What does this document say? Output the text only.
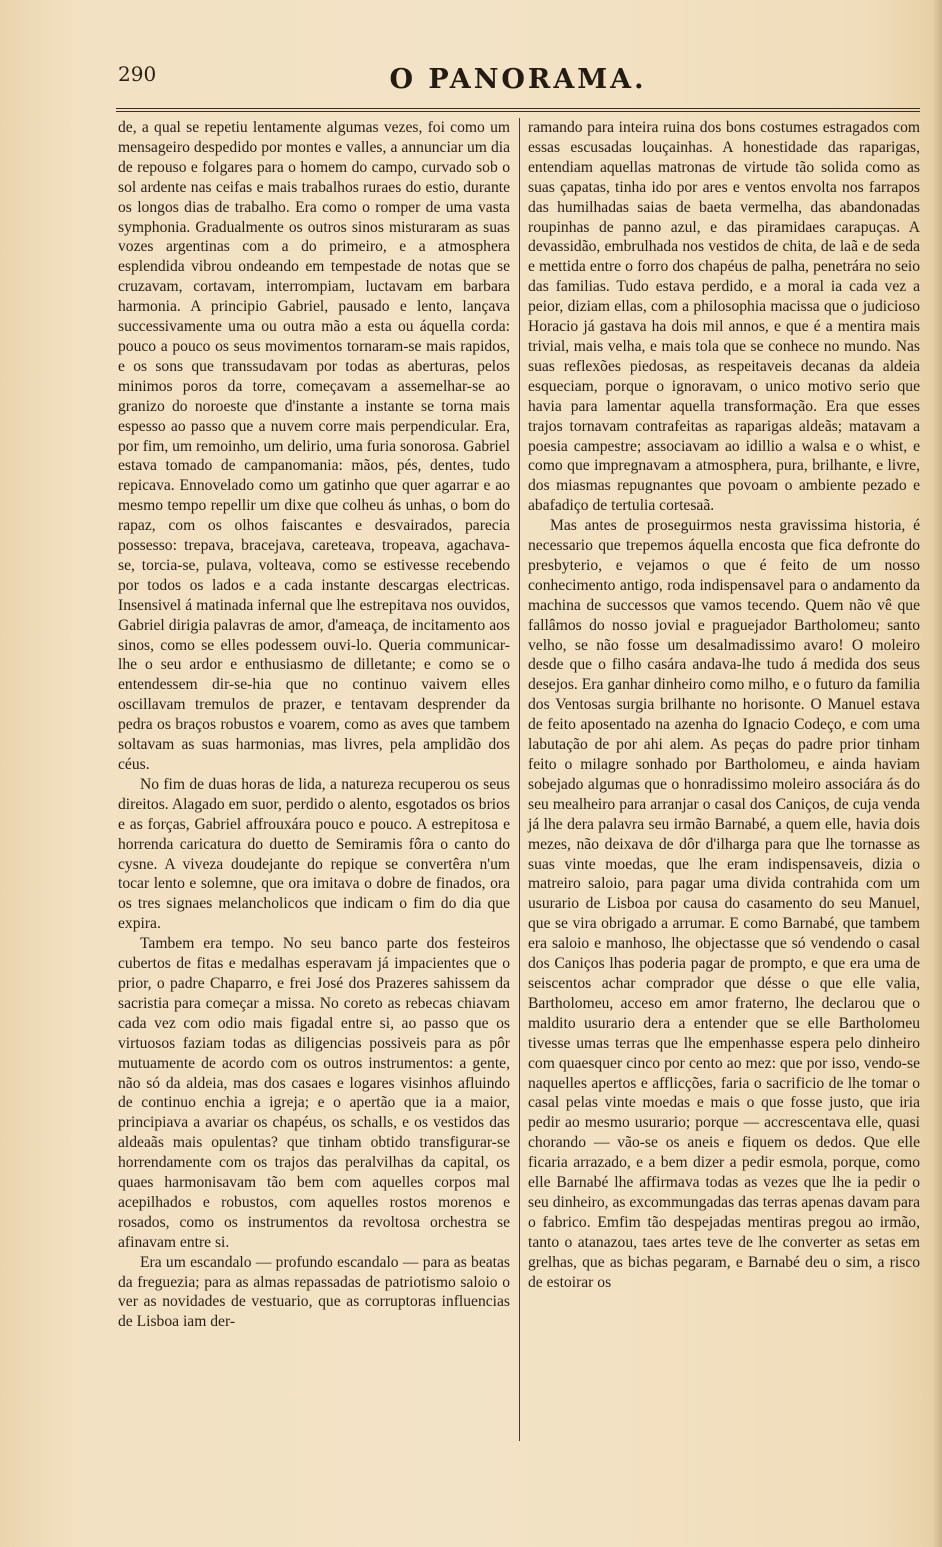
290	O PANORAMA.

de, a qual se repetiu lentamente algumas vezes, foi como um mensageiro despedido por montes e valles, a annunciar um dia de repouso e folgares para o homem do campo, curvado sob o sol ardente nas ceifas e mais trabalhos ruraes do estio, durante os longos dias de trabalho. Era como o romper de uma vasta symphonia. Gradualmente os outros sinos misturaram as suas vozes argentinas com a do primeiro, e a atmosphera esplendida vibrou ondeando em tempestade de notas que se cruzavam, cortavam, interrompiam, luctavam em barbara harmonia. A principio Gabriel, pausado e lento, lançava successivamente uma ou outra mão a esta ou áquella corda: pouco a pouco os seus movimentos tornaram-se mais rapidos, e os sons que transsudavam por todas as aberturas, pelos minimos poros da torre, começavam a assemelhar-se ao granizo do noroeste que d'instante a instante se torna mais espesso ao passo que a nuvem corre mais perpendicular. Era, por fim, um remoinho, um delirio, uma furia sonorosa. Gabriel estava tomado de campanomania: mãos, pés, dentes, tudo repicava. Ennovelado como um gatinho que quer agarrar e ao mesmo tempo repellir um dixe que colheu ás unhas, o bom do rapaz, com os olhos faiscantes e desvairados, parecia possesso: trepava, bracejava, careteava, tropeava, agachava-se, torcia-se, pulava, volteava, como se estivesse recebendo por todos os lados e a cada instante descargas electricas. Insensivel á matinada infernal que lhe estrepitava nos ouvidos, Gabriel dirigia palavras de amor, d'ameaça, de incitamento aos sinos, como se elles podessem ouvi-lo. Queria communicar-lhe o seu ardor e enthusiasmo de dilletante; e como se o entendessem dir-se-hia que no continuo vaivem elles oscillavam tremulos de prazer, e tentavam desprender da pedra os braços robustos e voarem, como as aves que tambem soltavam as suas harmonias, mas livres, pela amplidão dos céus.

No fim de duas horas de lida, a natureza recuperou os seus direitos. Alagado em suor, perdido o alento, esgotados os brios e as forças, Gabriel affrouxára pouco e pouco. A estrepitosa e horrenda caricatura do duetto de Semiramis fôra o canto do cysne. A viveza doudejante do repique se convertêra n'um tocar lento e solemne, que ora imitava o dobre de finados, ora os tres signaes melancholicos que indicam o fim do dia que expira.

Tambem era tempo. No seu banco parte dos festeiros cubertos de fitas e medalhas esperavam já impacientes que o prior, o padre Chaparro, e frei José dos Prazeres sahissem da sacristia para começar a missa. No coreto as rebecas chiavam cada vez com odio mais figadal entre si, ao passo que os virtuosos faziam todas as diligencias possiveis para as pôr mutuamente de acordo com os outros instrumentos: a gente, não só da aldeia, mas dos casaes e logares visinhos afluindo de continuo enchia a igreja; e o apertão que ia a maior, principiava a avariar os chapéus, os schalls, e os vestidos das aldeaãs mais opulentas? que tinham obtido transfigurar-se horrendamente com os trajos das peralvilhas da capital, os quaes harmonisavam tão bem com aquelles corpos mal acepilhados e robustos, com aquelles rostos morenos e rosados, como os instrumentos da revoltosa orchestra se afinavam entre si.

Era um escandalo — profundo escandalo — para as beatas da freguezia; para as almas repassadas de patriotismo saloio o ver as novidades de vestuario, que as corruptoras influencias de Lisboa iam der-

ramando para inteira ruina dos bons costumes estragados com essas escusadas louçainhas. A honestidade das raparigas, entendiam aquellas matronas de virtude tão solida como as suas çapatas, tinha ido por ares e ventos envolta nos farrapos das humilhadas saias de baeta vermelha, das abandonadas roupinhas de panno azul, e das piramidaes carapuças. A devassidão, embrulhada nos vestidos de chita, de laã e de seda e mettida entre o forro dos chapéus de palha, penetrára no seio das familias. Tudo estava perdido, e a moral ia cada vez a peior, diziam ellas, com a philosophia macissa que o judicioso Horacio já gastava ha dois mil annos, e que é a mentira mais trivial, mais velha, e mais tola que se conhece no mundo. Nas suas reflexões piedosas, as respeitaveis decanas da aldeia esqueciam, porque o ignoravam, o unico motivo serio que havia para lamentar aquella transformação. Era que esses trajos tornavam contrafeitas as raparigas aldeãs; matavam a poesia campestre; associavam ao idillio a walsa e o whist, e como que impregnavam a atmosphera, pura, brilhante, e livre, dos miasmas repugnantes que povoam o ambiente pezado e abafadiço de tertulia cortesaã.

Mas antes de proseguirmos nesta gravissima historia, é necessario que trepemos áquella encosta que fica defronte do presbyterio, e vejamos o que é feito de um nosso conhecimento antigo, roda indispensavel para o andamento da machina de successos que vamos tecendo. Quem não vê que fallâmos do nosso jovial e praguejador Bartholomeu; santo velho, se não fosse um desalmadissimo avaro! O moleiro desde que o filho casára andava-lhe tudo á medida dos seus desejos. Era ganhar dinheiro como milho, e o futuro da familia dos Ventosas surgia brilhante no horisonte. O Manuel estava de feito aposentado na azenha do Ignacio Codeço, e com uma labutação de por ahi alem. As peças do padre prior tinham feito o milagre sonhado por Bartholomeu, e ainda haviam sobejado algumas que o honradissimo moleiro associára ás do seu mealheiro para arranjar o casal dos Caniços, de cuja venda já lhe dera palavra seu irmão Barnabé, a quem elle, havia dois mezes, não deixava de dôr d'ilharga para que lhe tornasse as suas vinte moedas, que lhe eram indispensaveis, dizia o matreiro saloio, para pagar uma divida contrahida com um usurario de Lisboa por causa do casamento do seu Manuel, que se vira obrigado a arrumar. E como Barnabé, que tambem era saloio e manhoso, lhe objectasse que só vendendo o casal dos Caniços lhas poderia pagar de prompto, e que era uma de seiscentos achar comprador que désse o que elle valia, Bartholomeu, acceso em amor fraterno, lhe declarou que o maldito usurario dera a entender que se elle Bartholomeu tivesse umas terras que lhe empenhasse espera pelo dinheiro com quaesquer cinco por cento ao mez: que por isso, vendo-se naquelles apertos e afflicções, faria o sacrificio de lhe tomar o casal pelas vinte moedas e mais o que fosse justo, que iria pedir ao mesmo usurario; porque — accrescentava elle, quasi chorando — vão-se os aneis e fiquem os dedos. Que elle ficaria arrazado, e a bem dizer a pedir esmola, porque, como elle Barnabé lhe affirmava todas as vezes que lhe ia pedir o seu dinheiro, as excommungadas das terras apenas davam para o fabrico. Emfim tão despejadas mentiras pregou ao irmão, tanto o atanazou, taes artes teve de lhe converter as setas em grelhas, que as bichas pegaram, e Barnabé deu o sim, a risco de estoirar os
